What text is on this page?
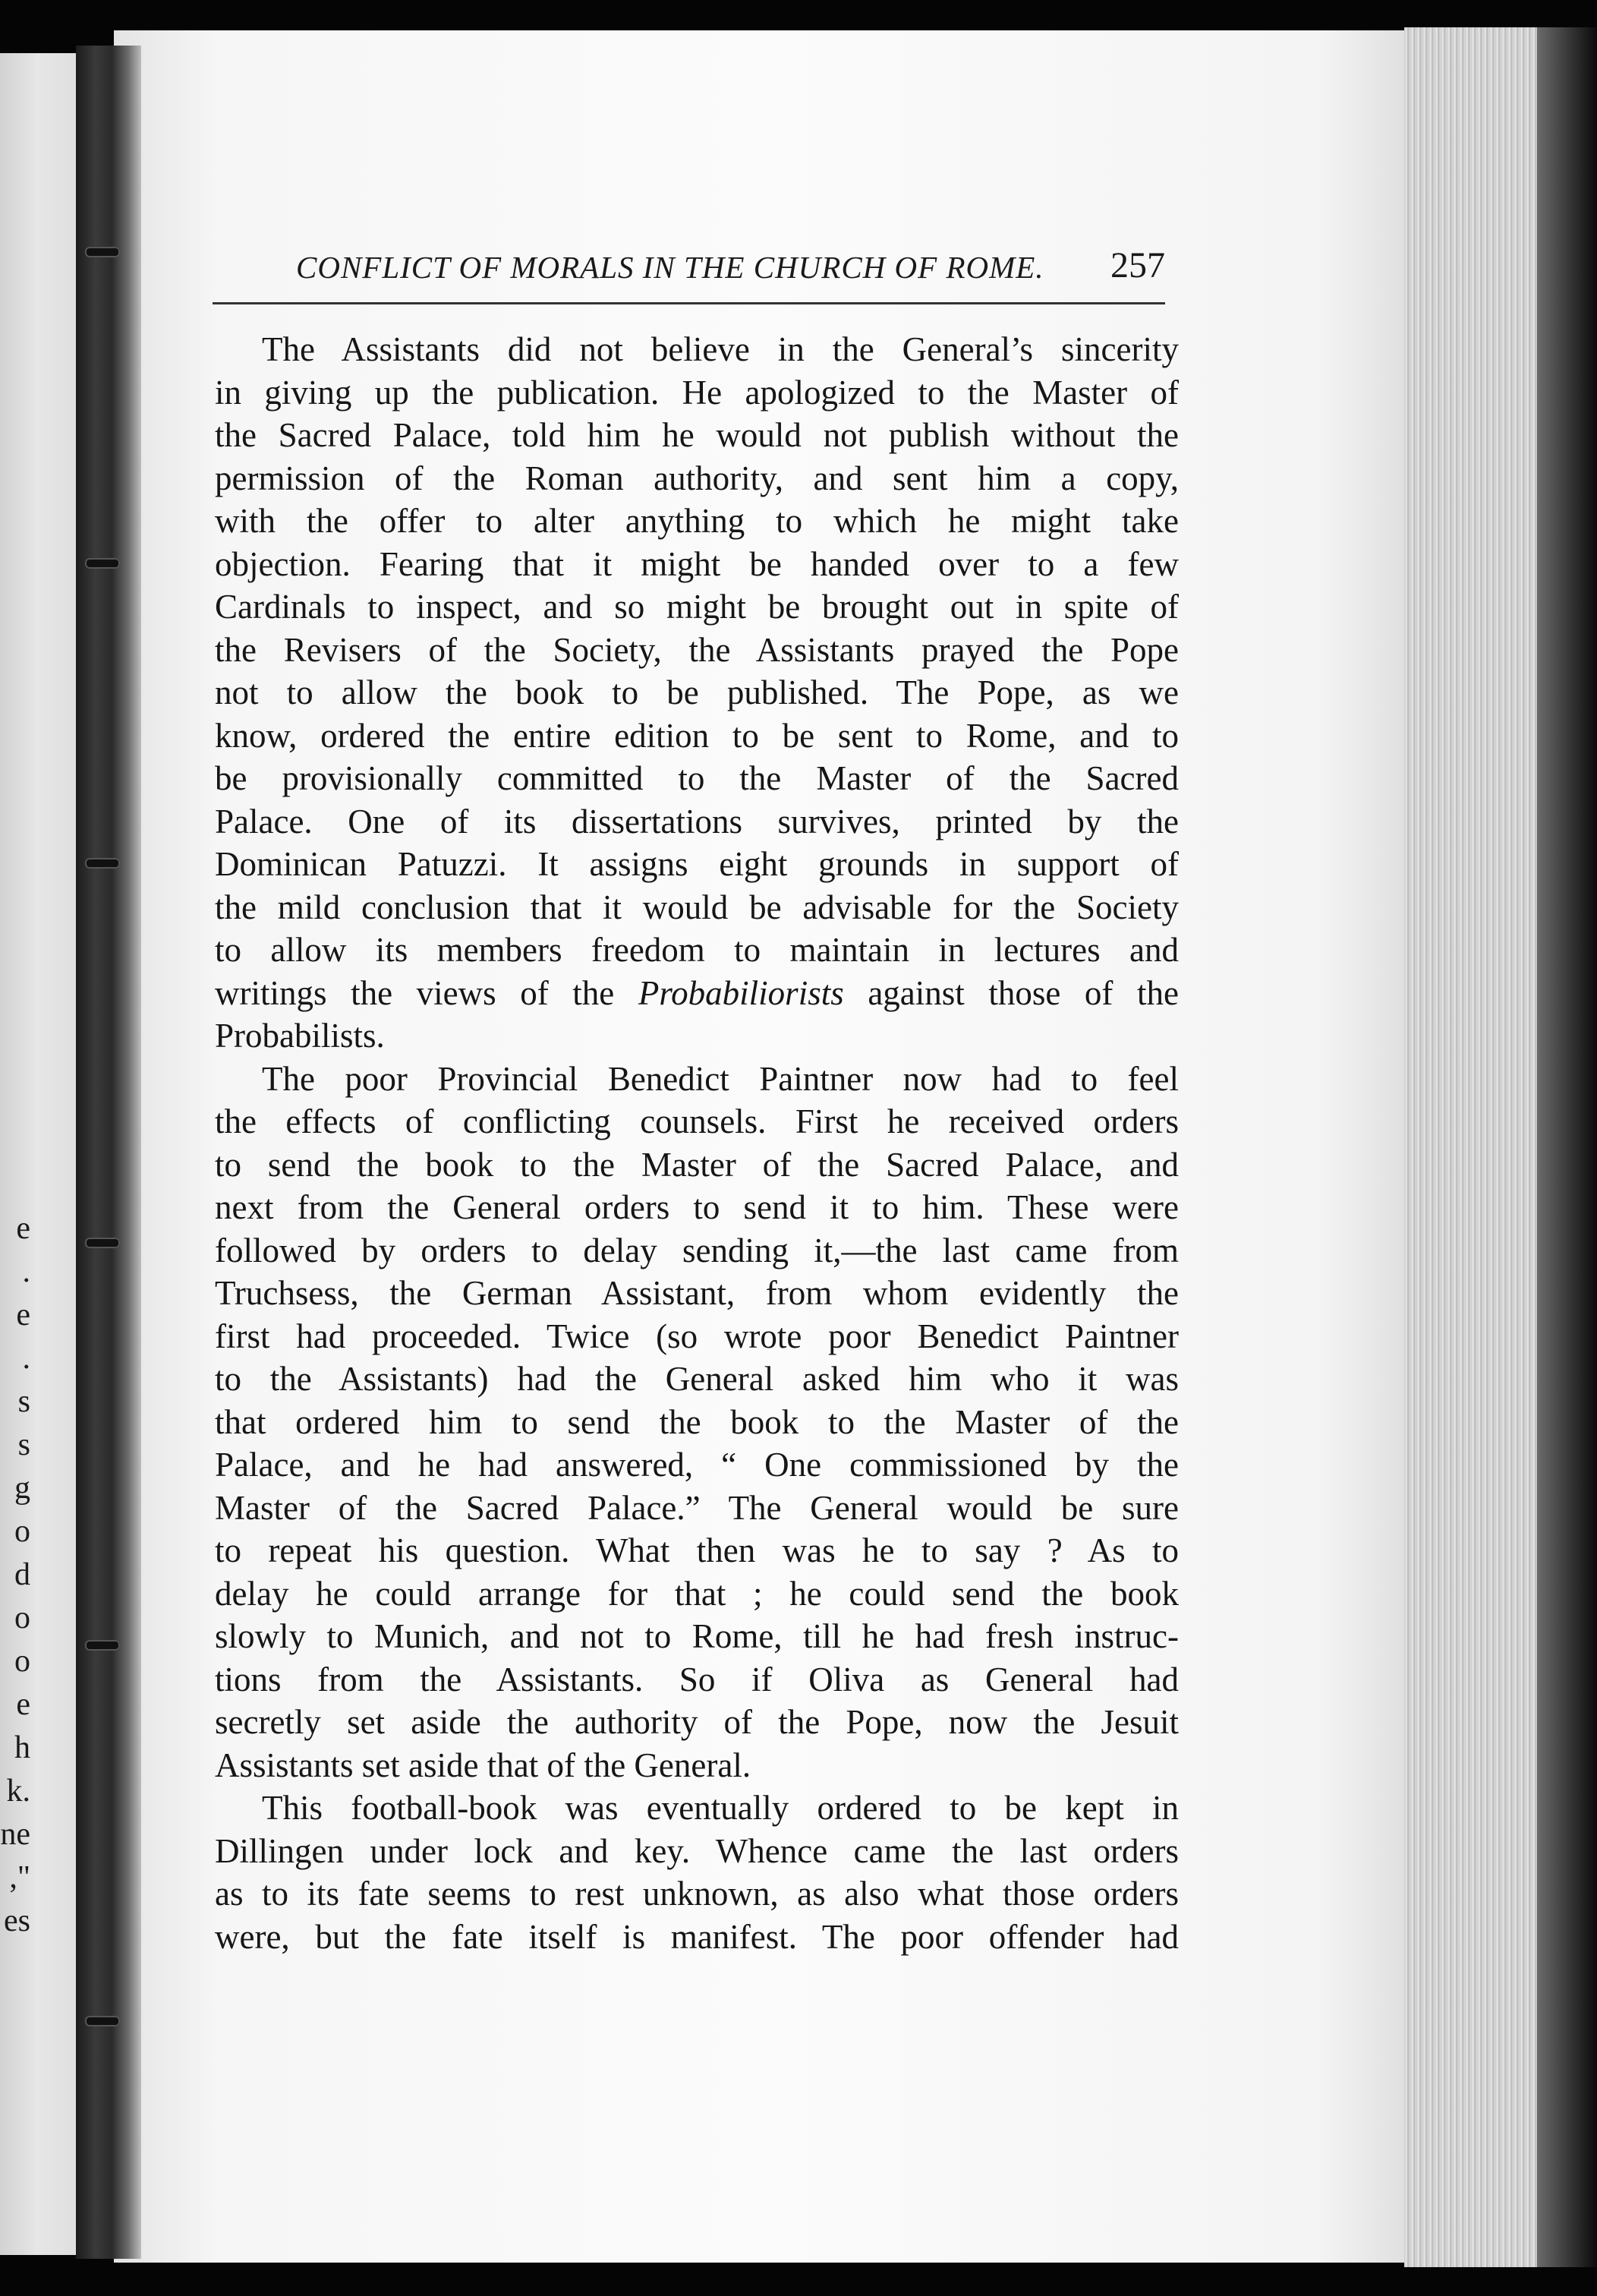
e
.
e
.
s
s
g
o
d
o
o
e
h
k.
ne
,"
es
CONFLICT OF MORALS IN THE CHURCH OF ROME. 257
The Assistants did not believe in the General’s sincerity
in giving up the publication. He apologized to the Master of
the Sacred Palace, told him he would not publish without the
permission of the Roman authority, and sent him a copy,
with the offer to alter anything to which he might take
objection. Fearing that it might be handed over to a few
Cardinals to inspect, and so might be brought out in spite of
the Revisers of the Society, the Assistants prayed the Pope
not to allow the book to be published. The Pope, as we
know, ordered the entire edition to be sent to Rome, and to
be provisionally committed to the Master of the Sacred
Palace. One of its dissertations survives, printed by the
Dominican Patuzzi. It assigns eight grounds in support of
the mild conclusion that it would be advisable for the Society
to allow its members freedom to maintain in lectures and
writings the views of the Probabiliorists against those of the
Probabilists.
The poor Provincial Benedict Paintner now had to feel
the effects of conflicting counsels. First he received orders
to send the book to the Master of the Sacred Palace, and
next from the General orders to send it to him. These were
followed by orders to delay sending it,—the last came from
Truchsess, the German Assistant, from whom evidently the
first had proceeded. Twice (so wrote poor Benedict Paintner
to the Assistants) had the General asked him who it was
that ordered him to send the book to the Master of the
Palace, and he had answered, “ One commissioned by the
Master of the Sacred Palace.” The General would be sure
to repeat his question. What then was he to say ? As to
delay he could arrange for that ; he could send the book
slowly to Munich, and not to Rome, till he had fresh instruc-
tions from the Assistants. So if Oliva as General had
secretly set aside the authority of the Pope, now the Jesuit
Assistants set aside that of the General.
This football-book was eventually ordered to be kept in
Dillingen under lock and key. Whence came the last orders
as to its fate seems to rest unknown, as also what those orders
were, but the fate itself is manifest. The poor offender had
